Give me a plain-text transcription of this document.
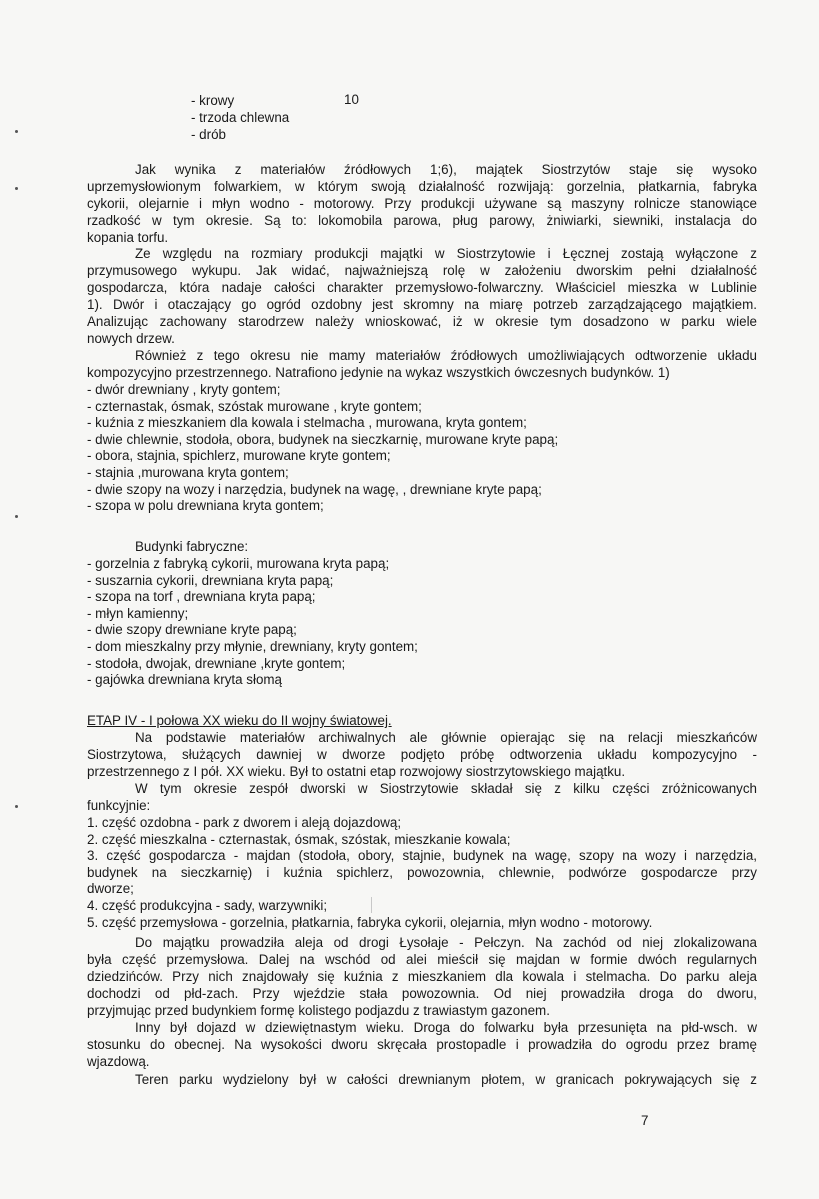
10
- krowy
- trzoda chlewna
- drób
Jak wynika z materiałów źródłowych 1;6), majątek Siostrzytów staje się wysoko
uprzemysłowionym folwarkiem, w którym swoją działalność rozwijają: gorzelnia, płatkarnia, fabryka
cykorii, olejarnie i młyn wodno - motorowy. Przy produkcji używane są maszyny rolnicze stanowiące
rzadkość w tym okresie. Są to: lokomobila parowa, pług parowy, żniwiarki, siewniki, instalacja do
kopania torfu.
Ze względu na rozmiary produkcji majątki w Siostrzytowie i Łęcznej zostają wyłączone z
przymusowego wykupu. Jak widać, najważniejszą rolę w założeniu dworskim pełni działalność
gospodarcza, która nadaje całości charakter przemysłowo-folwarczny. Właściciel mieszka w Lublinie
1). Dwór i otaczający go ogród ozdobny jest skromny na miarę potrzeb zarządzającego majątkiem.
Analizując zachowany starodrzew należy wnioskować, iż w okresie tym dosadzono w parku wiele
nowych drzew.
Również z tego okresu nie mamy materiałów źródłowych umożliwiających odtworzenie układu
kompozycyjno przestrzennego. Natrafiono jedynie na wykaz wszystkich ówczesnych budynków. 1)
- dwór drewniany , kryty gontem;
- czternastak, ósmak, szóstak murowane , kryte gontem;
- kuźnia z mieszkaniem dla kowala i stelmacha , murowana, kryta gontem;
- dwie chlewnie, stodoła, obora, budynek na sieczkarnię, murowane kryte papą;
- obora, stajnia, spichlerz, murowane kryte gontem;
- stajnia ,murowana kryta gontem;
- dwie szopy na wozy i narzędzia, budynek na wagę, , drewniane kryte papą;
- szopa w polu drewniana kryta gontem;
Budynki fabryczne:
- gorzelnia z fabryką cykorii, murowana kryta papą;
- suszarnia cykorii, drewniana kryta papą;
- szopa na torf , drewniana kryta papą;
- młyn kamienny;
- dwie szopy drewniane kryte papą;
- dom mieszkalny przy młynie, drewniany, kryty gontem;
- stodoła, dwojak, drewniane ,kryte gontem;
- gajówka drewniana kryta słomą
ETAP IV - I połowa XX wieku do II wojny światowej.
Na podstawie materiałów archiwalnych ale głównie opierając się na relacji mieszkańców
Siostrzytowa, służących dawniej w dworze podjęto próbę odtworzenia układu kompozycyjno -
przestrzennego z I pół. XX wieku. Był to ostatni etap rozwojowy siostrzytowskiego majątku.
W tym okresie zespół dworski w Siostrzytowie składał się z kilku części zróżnicowanych
funkcyjnie:
1. część ozdobna - park z dworem i aleją dojazdową;
2. część mieszkalna - czternastak, ósmak, szóstak, mieszkanie kowala;
3. część gospodarcza - majdan (stodoła, obory, stajnie, budynek na wagę, szopy na wozy i narzędzia,
budynek na sieczkarnię) i kuźnia spichlerz, powozownia, chlewnie, podwórze gospodarcze przy
dworze;
4. część produkcyjna - sady, warzywniki;
5. część przemysłowa - gorzelnia, płatkarnia, fabryka cykorii, olejarnia, młyn wodno - motorowy.
Do majątku prowadziła aleja od drogi Łysołaje - Pełczyn. Na zachód od niej zlokalizowana
była część przemysłowa. Dalej na wschód od alei mieścił się majdan w formie dwóch regularnych
dziedzińców. Przy nich znajdowały się kuźnia z mieszkaniem dla kowala i stelmacha. Do parku aleja
dochodzi od płd-zach. Przy wjeździe stała powozownia. Od niej prowadziła droga do dworu,
przyjmując przed budynkiem formę kolistego podjazdu z trawiastym gazonem.
Inny był dojazd w dziewiętnastym wieku. Droga do folwarku była przesunięta na płd-wsch. w
stosunku do obecnej. Na wysokości dworu skręcała prostopadle i prowadziła do ogrodu przez bramę
wjazdową.
Teren parku wydzielony był w całości drewnianym płotem, w granicach pokrywających się z
7
